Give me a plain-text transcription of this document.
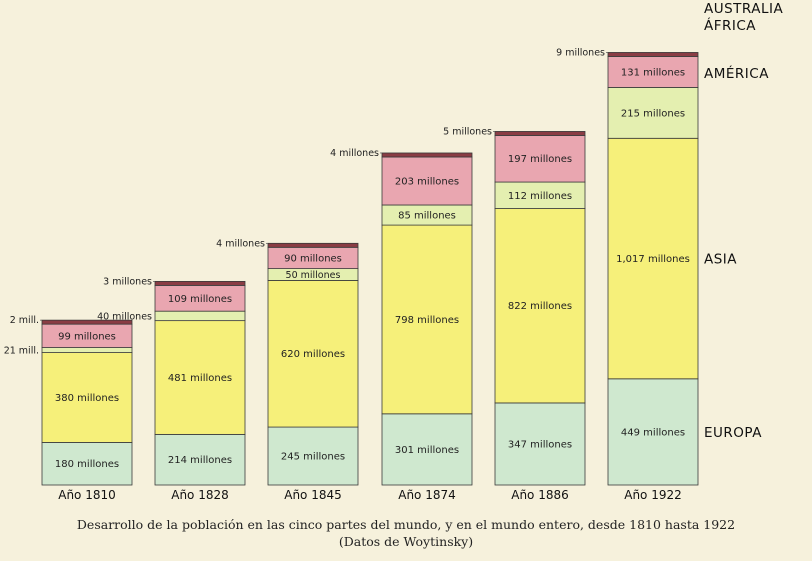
180 millones
380 millones
21 mill.
99 millones
2 mill.
Año 1810
214 millones
481 millones
40 millones
109 millones
3 millones
Año 1828
245 millones
620 millones
50 millones
90 millones
4 millones
Año 1845
301 millones
798 millones
85 millones
203 millones
4 millones
Año 1874
347 millones
822 millones
112 millones
197 millones
5 millones
Año 1886
449 millones
1,017 millones
215 millones
131 millones
9 millones
Año 1922
EUROPA
ASIA
AMÉRICA
ÁFRICA
AUSTRALIA
Desarrollo de la población en las cinco partes del mundo, y en el mundo entero, desde 1810 hasta 1922
(Datos de Woytinsky)
